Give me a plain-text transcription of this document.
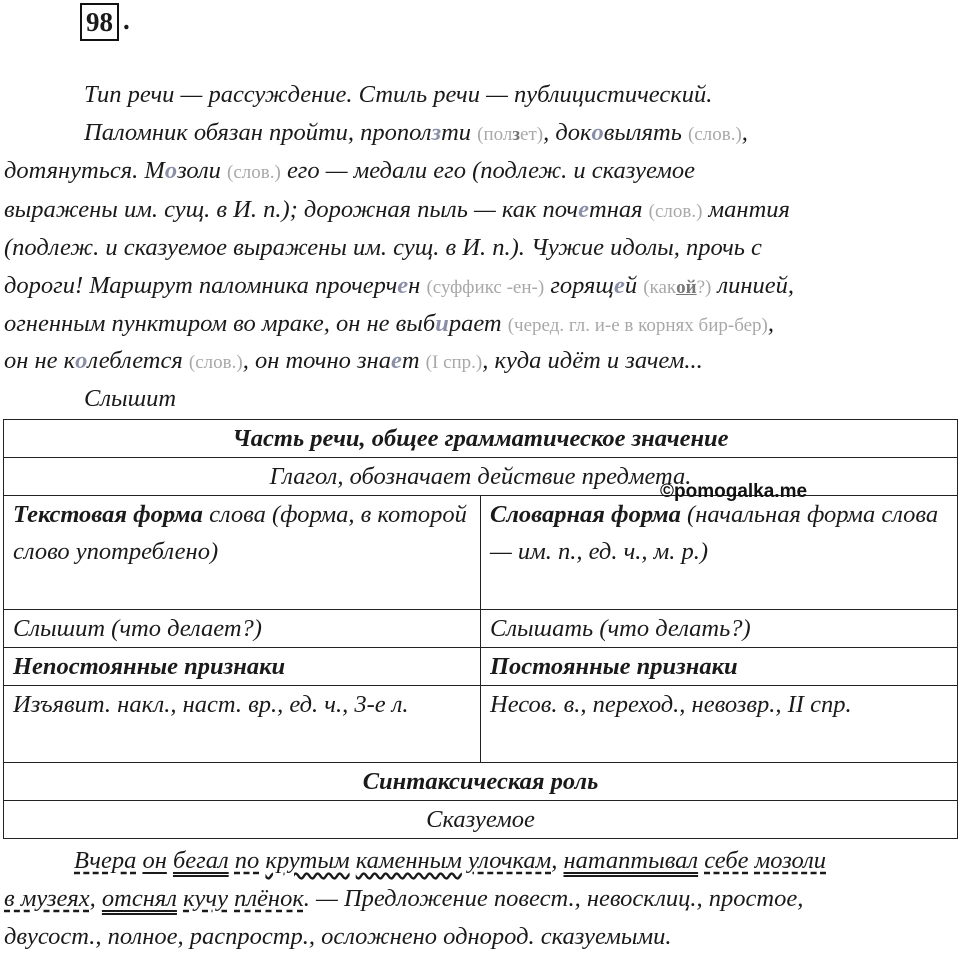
98 .
Тип речи — рассуждение. Стиль речи — публицистический.
Паломник обязан пройти, проползти (ползет), доковылять (слов.),
дотянуться. Мозоли (слов.) его — медали его (подлеж. и сказуемое
выражены им. сущ. в И. п.); дорожная пыль — как почетная (слов.) мантия
(подлеж. и сказуемое выражены им. сущ. в И. п.). Чужие идолы, прочь с
дороги! Маршрут паломника прочерчен (суффикс -ен-) горящей (какой?) линией,
огненным пунктиром во мраке, он не выбирает (черед. гл. и-е в корнях бир-бер),
он не колеблется (слов.), он точно знает (I спр.), куда идёт и зачем...
Слышит
Часть речи, общее грамматическое значение	
Глагол, обозначает действие предмета.	
Текстовая форма слова (форма, в которой слово употреблено)	Словарная форма (начальная форма слова — им. п., ед. ч., м. р.)
Слышит (что делает?)	Слышать (что делать?)
Непостоянные признаки	Постоянные признаки
Изъявит. накл., наст. вр., ед. ч., 3-е л.	Несов. в., переход., невозвр., II спр.
Синтаксическая роль	
Сказуемое	
©pomogalka.me
Вчера он бегал по крутым каменным улочкам, натаптывал себе мозоли
в музеях, отснял кучу плёнок. — Предложение повест., невосклиц., простое,
двусост., полное, распростр., осложнено однород. сказуемыми.
